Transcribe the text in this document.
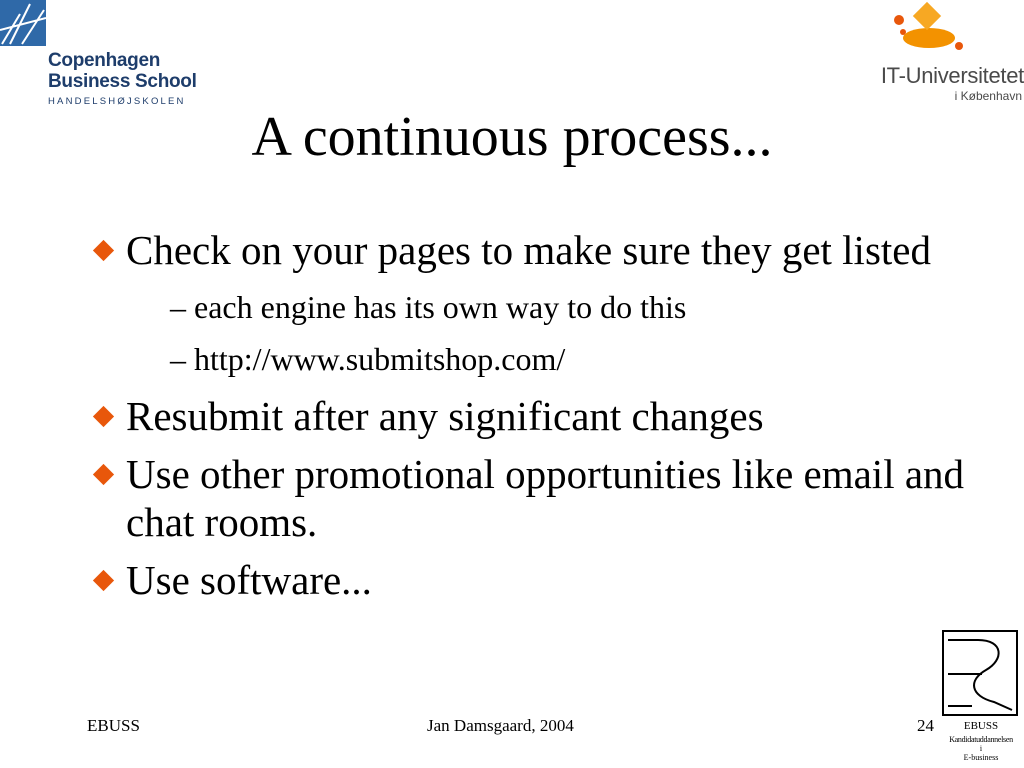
Copenhagen
Business School
HANDELSHØJSKOLEN
IT-Universitetet
i København
A continuous process...
Check on your pages to make sure they get listed
– each engine has its own way to do this
– http://www.submitshop.com/
Resubmit after any significant changes
Use other promotional opportunities like email and chat rooms.
Use software...
EBUSS	Jan Damsgaard, 2004	24	EBUSS
Kandidatuddannelsen
i
E-business
